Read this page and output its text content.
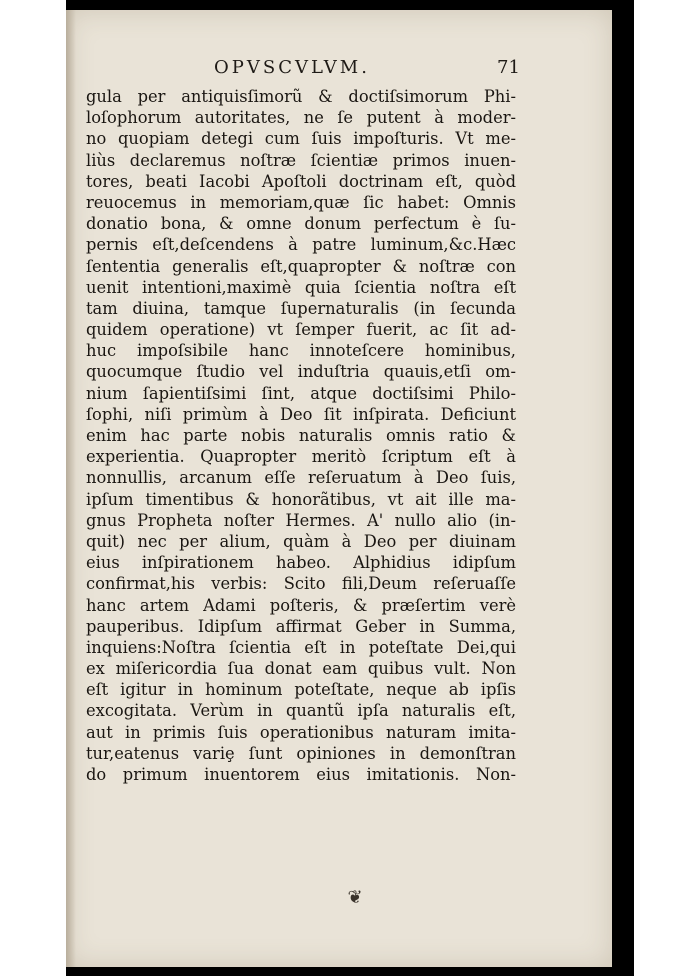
OPVSCVLVM.	71
gula per antiquisſimorũ & doctiſsimorum Phi-
loſophorum autoritates, ne ſe putent à moder-
no quopiam detegi cum ſuis impoſturis. Vt me-
liùs declaremus noſtræ ſcientiæ primos inuen-
tores, beati Iacobi Apoſtoli doctrinam eſt, quòd
reuocemus in memoriam,quæ ſic habet: Omnis
donatio bona, & omne donum perfectum è ſu-
pernis eſt,deſcendens à patre luminum,&c.Hæc
ſententia generalis eſt,quapropter & noſtræ con
uenit intentioni,maximè quia ſcientia noſtra eſt
tam diuina, tamque ſupernaturalis (in ſecunda
quidem operatione) vt ſemper fuerit, ac ſit ad-
huc impoſsibile hanc innoteſcere hominibus,
quocumque ſtudio vel induſtria quauis,etſi om-
nium ſapientiſsimi ſint, atque doctiſsimi Philo-
ſophi, niſi primùm à Deo ſit inſpirata. Deficiunt
enim hac parte nobis naturalis omnis ratio &
experientia. Quapropter meritò ſcriptum eſt à
nonnullis, arcanum eſſe reſeruatum à Deo ſuis,
ipſum timentibus & honorãtibus, vt ait ille ma-
gnus Propheta noſter Hermes. A' nullo alio (in-
quit) nec per alium, quàm à Deo per diuinam
eius inſpirationem habeo. Alphidius idipſum
confirmat,his verbis: Scito fili,Deum reſeruaſſe
hanc artem Adami poſteris, & præſertim verè
pauperibus. Idipſum affirmat Geber in Summa,
inquiens:Noſtra ſcientia eſt in poteſtate Dei,qui
ex miſericordia ſua donat eam quibus vult. Non
eſt igitur in hominum poteſtate, neque ab ipſis
excogitata. Verùm in quantũ ipſa naturalis eſt,
aut in primis ſuis operationibus naturam imita-
tur,eatenus variȩ ſunt opiniones in demonſtran
do primum inuentorem eius imitationis. Non-
❦
